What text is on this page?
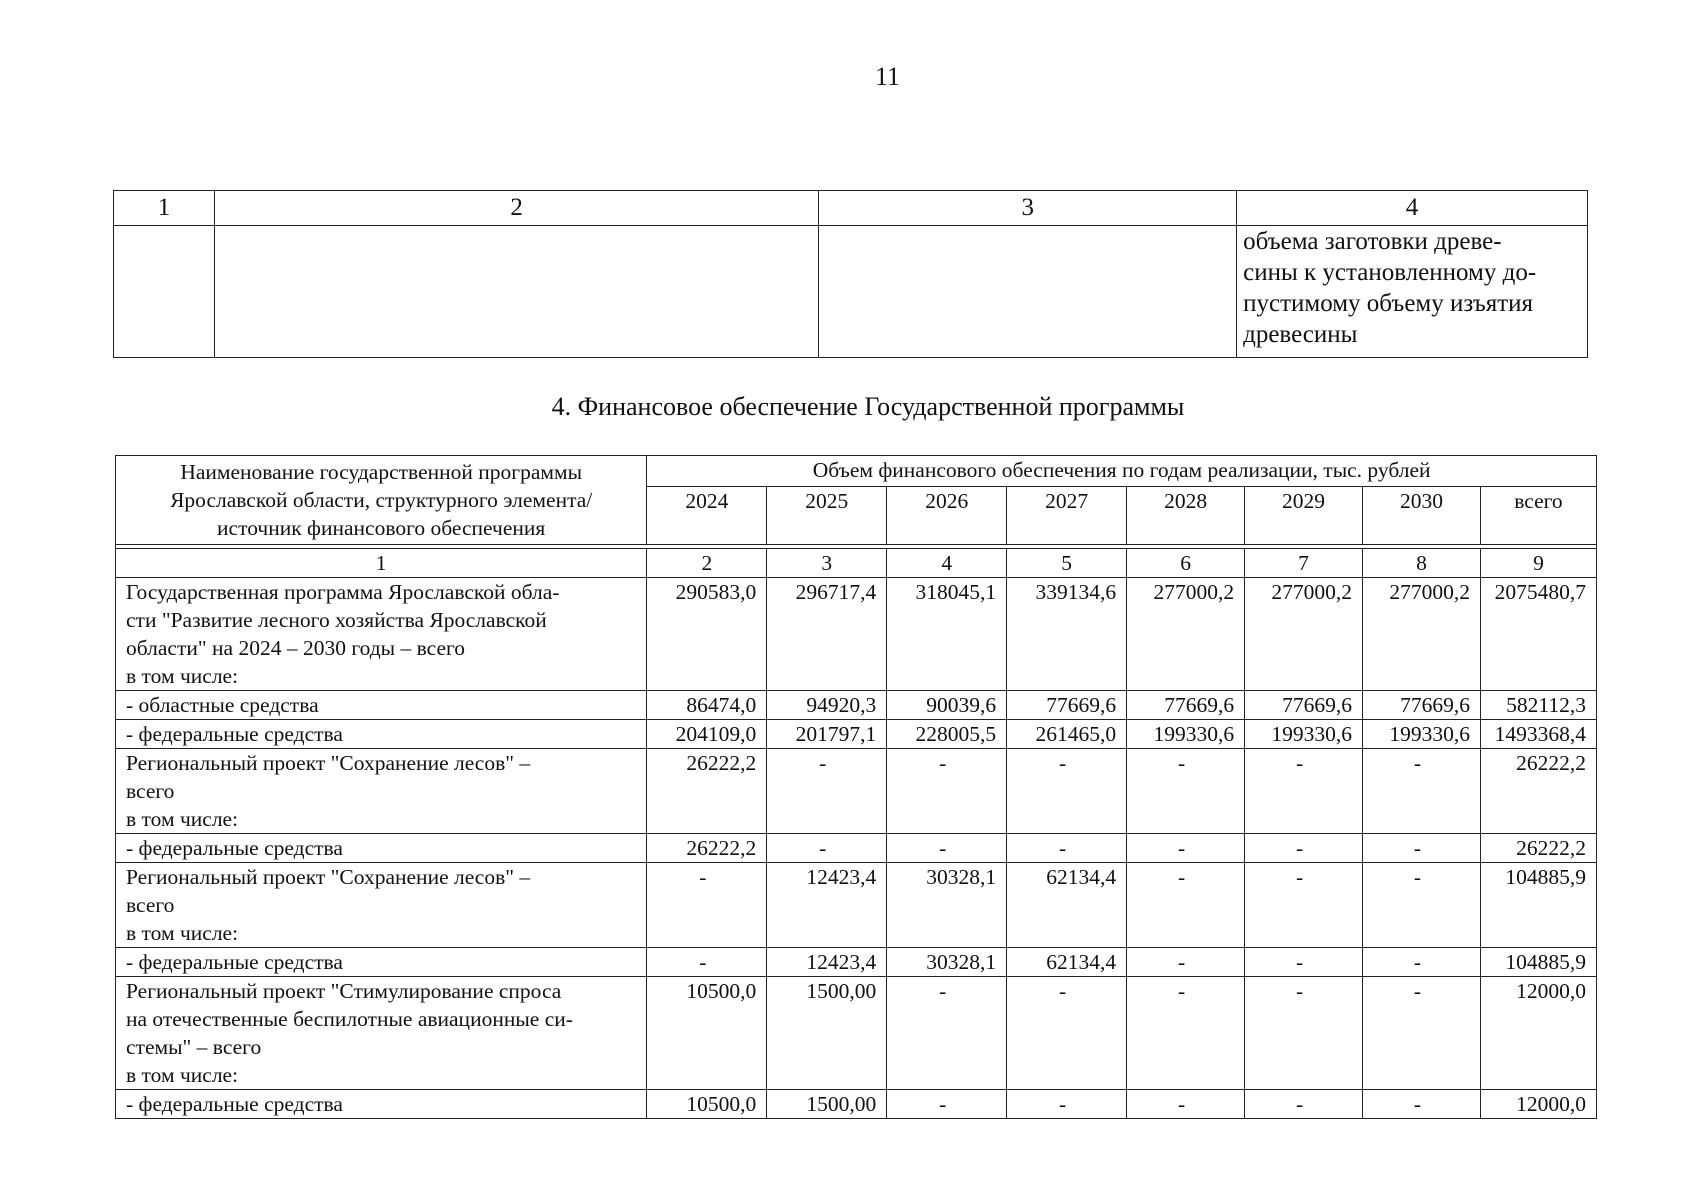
11
1	2	3	4

			объема заготовки древе-
сины к установленному до-
пустимому объему изъятия
древесины
4. Финансовое обеспечение Государственной программы
Наименование государственной программы Ярославской области, структурного элемента/ источник финансового обеспечения	Объем финансового обеспечения по годам реализации, тыс. рублей							
	2024	2025	2026	2027	2028	2029	2030	всего

1	2	3	4	5	6	7	8	9
Государственная программа Ярославской обла-
сти "Развитие лесного хозяйства Ярославской
области" на 2024 – 2030 годы – всего
в том числе:	290583,0	296717,4	318045,1	339134,6	277000,2	277000,2	277000,2	2075480,7
- областные средства	86474,0	94920,3	90039,6	77669,6	77669,6	77669,6	77669,6	582112,3
- федеральные средства	204109,0	201797,1	228005,5	261465,0	199330,6	199330,6	199330,6	1493368,4
Региональный проект "Сохранение лесов" –
всего
в том числе:	26222,2	-	-	-	-	-	-	26222,2
- федеральные средства	26222,2	-	-	-	-	-	-	26222,2
Региональный проект "Сохранение лесов" –
всего
в том числе:	-	12423,4	30328,1	62134,4	-	-	-	104885,9
- федеральные средства	-	12423,4	30328,1	62134,4	-	-	-	104885,9
Региональный проект "Стимулирование спроса
на отечественные беспилотные авиационные си-
стемы" – всего
в том числе:	10500,0	1500,00	-	-	-	-	-	12000,0
- федеральные средства	10500,0	1500,00	-	-	-	-	-	12000,0
